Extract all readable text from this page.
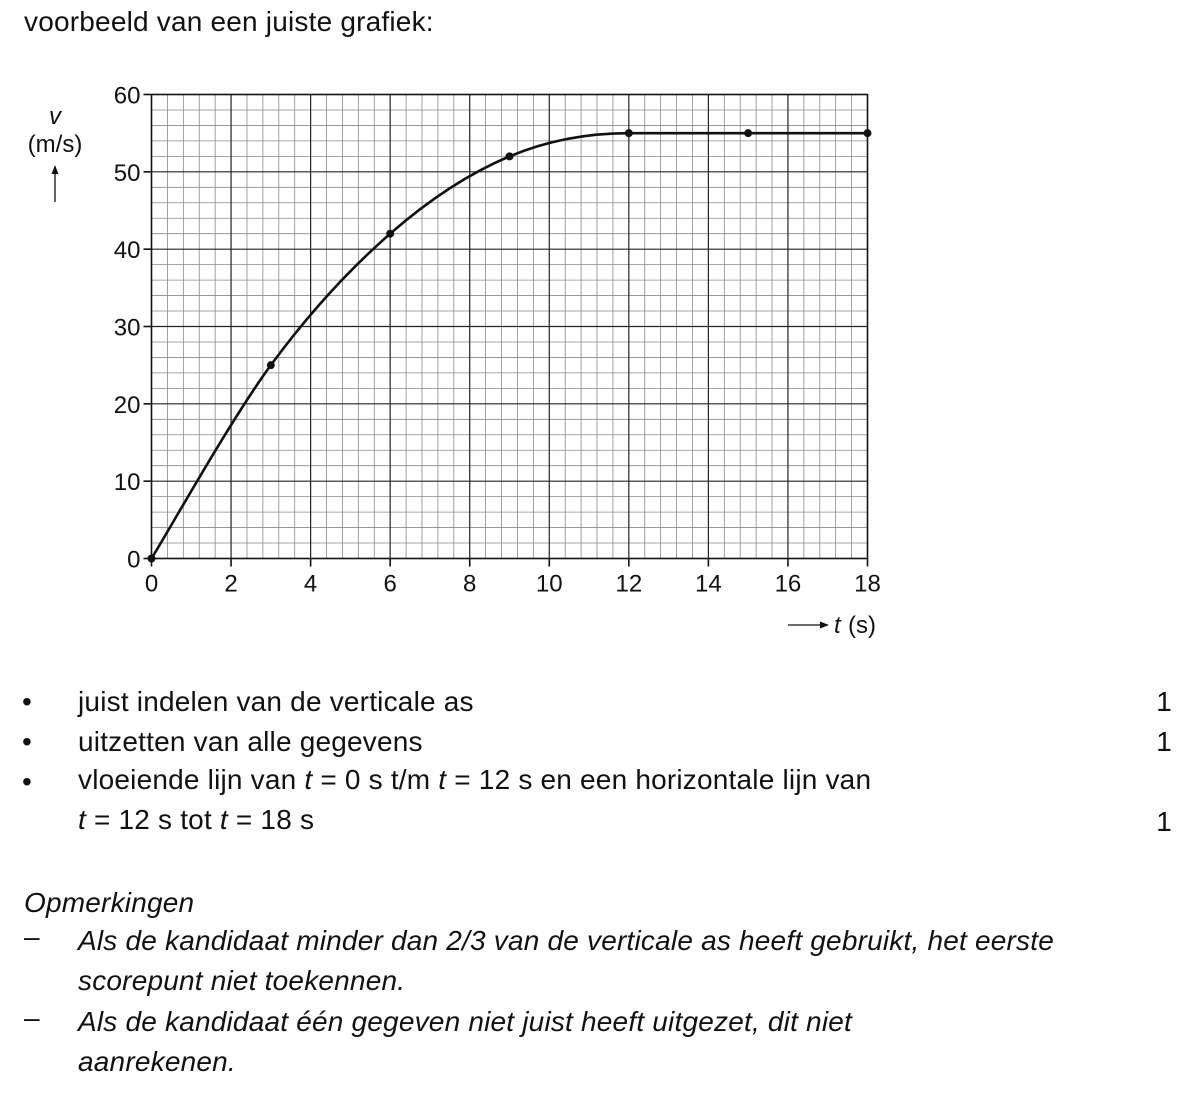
voorbeeld van een juiste grafiek:
0	2	4	6	8 10 12 14 16 18
0
10
20
30
40
50
60
v
(m/s)
t (s)
• juist indelen van de verticale as	1
• uitzetten van alle gegevens	1
• vloeiende lijn van t = 0 s t/m t = 12 s en een horizontale lijn van
t = 12 s tot t = 18 s	1
Opmerkingen
– Als de kandidaat minder dan 2/3 van de verticale as heeft gebruikt, het eerste scorepunt niet toekennen.
– Als de kandidaat één gegeven niet juist heeft uitgezet, dit niet aanrekenen.
